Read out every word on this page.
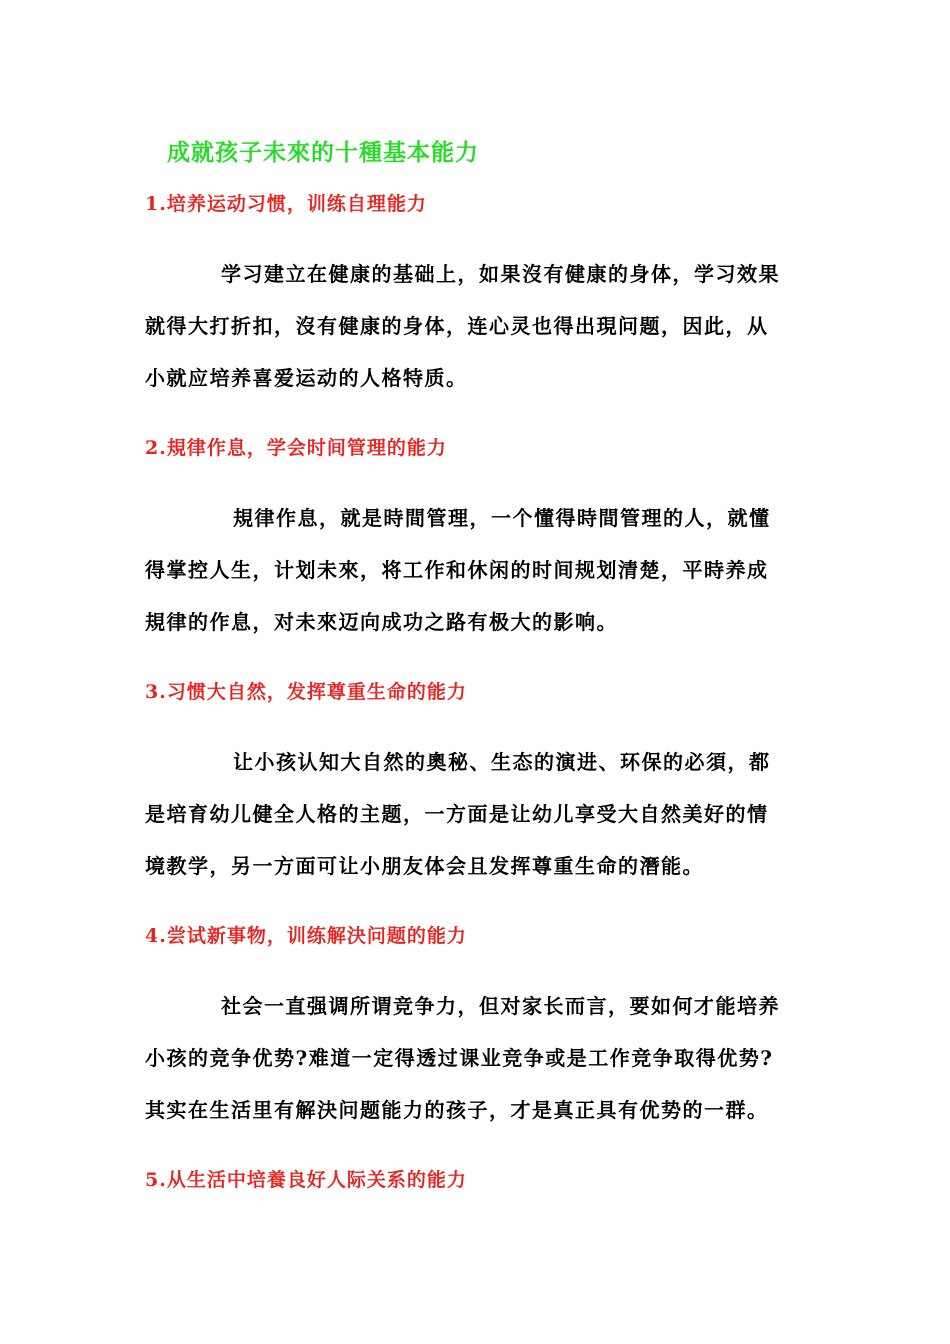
成就孩子未來的十種基本能力
1.培养运动习惯，训练自理能力
学习建立在健康的基础上，如果沒有健康的身体，学习效果
就得大打折扣，沒有健康的身体，连心灵也得出現问题，因此，从
小就应培养喜爱运动的人格特质。
2.規律作息，学会时间管理的能力
規律作息，就是時間管理，一个懂得時間管理的人，就懂
得掌控人生，计划未來，将工作和休闲的时间规划清楚，平時养成
規律的作息，对未來迈向成功之路有极大的影响。
3.习惯大自然，发挥尊重生命的能力
让小孩认知大自然的奧秘、生态的演进、环保的必須，都
是培育幼儿健全人格的主题，一方面是让幼儿享受大自然美好的情
境教学，另一方面可让小朋友体会且发挥尊重生命的潛能。
4.尝试新事物，训练解決问题的能力
社会一直强调所谓竞争力，但对家长而言，要如何才能培养
小孩的竞争优势?难道一定得透过课业竞争或是工作竞争取得优势?
其实在生活里有解決问题能力的孩子，才是真正具有优势的一群。
5.从生活中培養良好人际关系的能力
